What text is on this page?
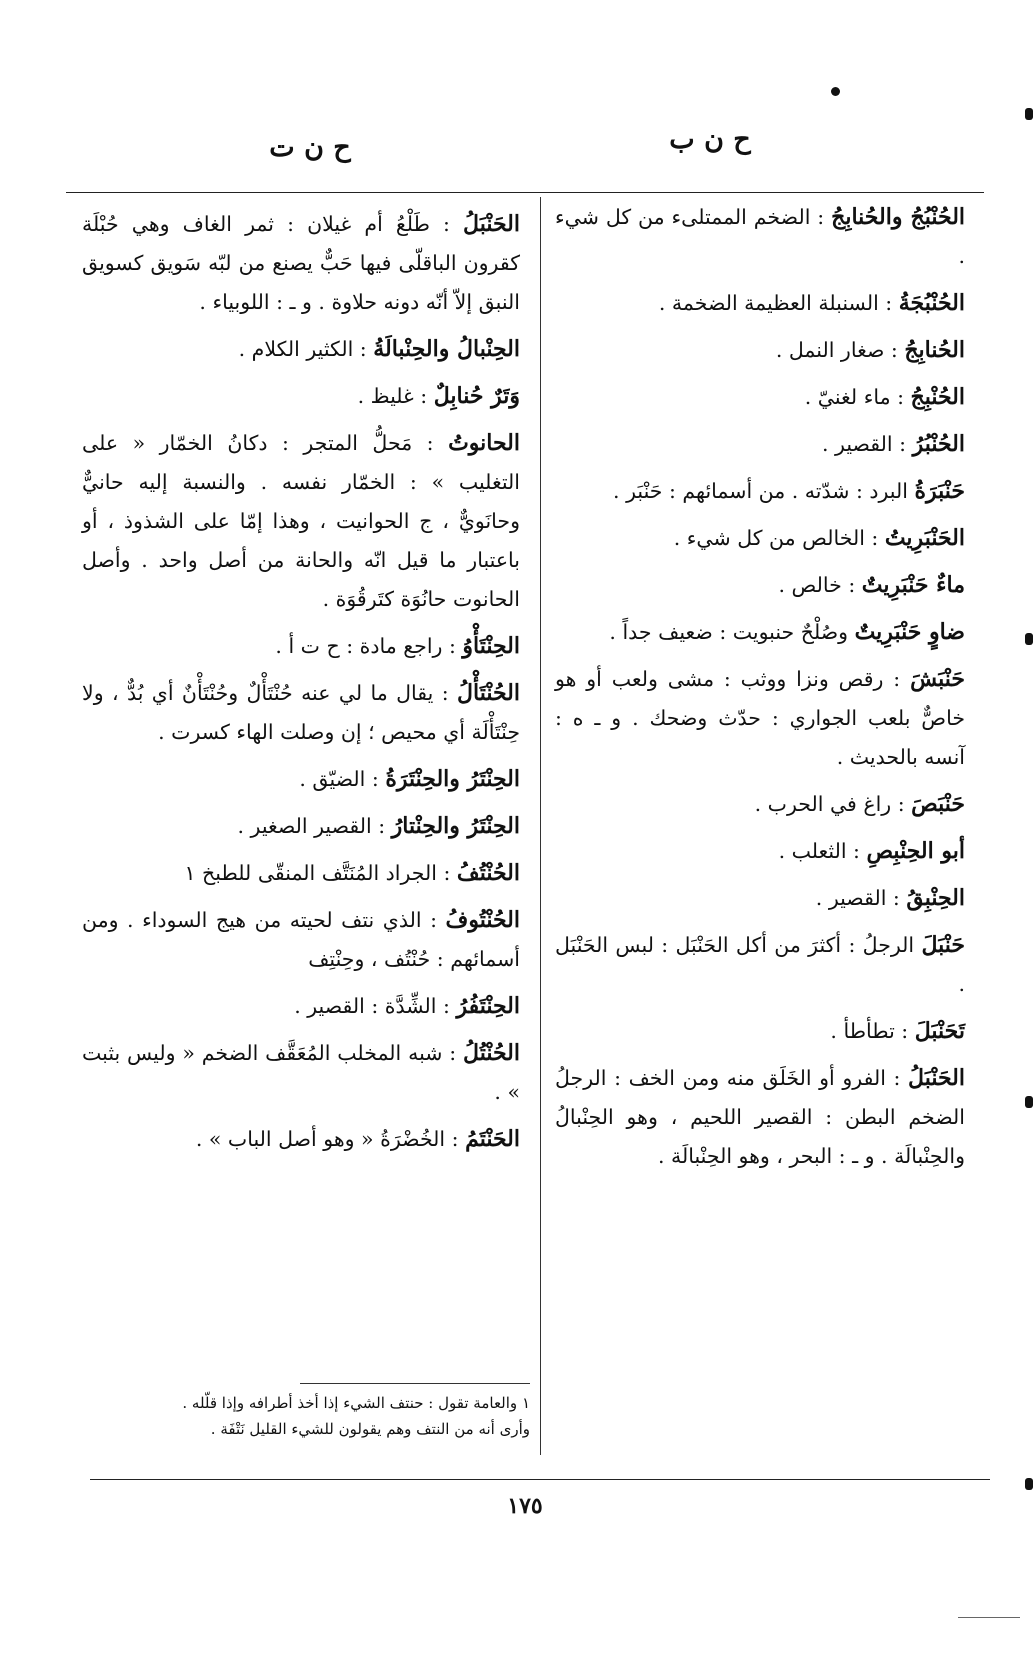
ح ن ت	ح ن ب
الحُنْبُجُ والحُنابِجُ : الضخم الممتلىء من كل شيء .
الحُنْبُجَةُ : السنبلة العظيمة الضخمة .
الحُنابِجُ : صغار النمل .
الحُنْبِجُ : ماء لغنيّ .
الحُنْبُرُ : القصير .
حَنْبَرَةُ البرد : شدّته . من أسمائهم : حَنْبَر .
الحَنْبَرِيتُ : الخالص من كل شيء .
ماءٌ حَنْبَرِيتٌ : خالص .
ضاوٍ حَنْبَرِيتٌ وصُلْحٌ حنبويت : ضعيف جداً .
حَنْبَشَ : رقص ونزا ووثب : مشى ولعب أو هو خاصٌّ بلعب الجواري : حدّث وضحك . و ـ ه : آنسه بالحديث .
حَنْبَصَ : راغ في الحرب .
أبو الحِنْبِصِ : الثعلب .
الحِنْبِقُ : القصير .
حَنْبَلَ الرجلُ : أكثرَ من أكل الحَنْبَل : لبس الحَنْبَل .
تَحَنْبَلَ : تطأطأ .
الحَنْبَلُ : الفرو أو الخَلَق منه ومن الخف : الرجلُ الضخم البطن : القصير اللحيم ، وهو الحِنْبالُ والحِنْبالَة . و ـ : البحر ، وهو الحِنْبالَة .
الحَنْبَلُ : طَلْعُ أم غيلان : ثمر الغاف وهي حُبْلَة كقرون الباقلّى فيها حَبٌّ يصنع من لبّه سَويق كسويق النبق إلاّ أنّه دونه حلاوة . و ـ : اللوبياء .
الحِنْبالُ والحِنْبالَةُ : الكثير الكلام .
وَتَرٌ حُنابِلٌ : غليظ .
الحانوتُ : مَحلُّ المتجر : دكانُ الخمّار « على التغليب » : الخمّار نفسه . والنسبة إليه حانيٌّ وحانَويٌّ ، ج الحوانيت ، وهذا إمّا على الشذوذ ، أو باعتبار ما قيل انّه والحانة من أصل واحد . وأصل الحانوت حانُوَة كتَرقُوَة .
الحِنْتَأْوُ : راجع مادة : ح ت أ .
الحُنْتَأْلُ : يقال ما لي عنه حُنْتَأْلٌ وحُنْتَأْنٌ أي بُدٌّ ، ولا حِنْتَأْلَة أي محيص ؛ إن وصلت الهاء كسرت .
الحِنْتَرُ والحِنْتَرَةُ : الضيّق .
الحِنْتَرُ والحِنْتارُ : القصير الصغير .
الحُنْتُفُ : الجراد المُنَتَّف المنقّى للطبخ ١
الحُنْتُوفُ : الذي نتف لحيته من هيج السوداء . ومن أسمائهم : حُنْتُف ، وحِنْتِف
الحِنْتَفُرُ : الشِّدَّة : القصير .
الحُنْتُلُ : شبه المخلب المُعَقَّف الضخم « وليس بثبت » .
الحَنْتَمُ : الخُضْرَةُ « وهو أصل الباب » .
١ والعامة تقول : حنتف الشيء إذا أخذ أطرافه وإذا قلّله .
وأرى أنه من النتف وهم يقولون للشيء القليل نَتْفَة .
١٧٥
